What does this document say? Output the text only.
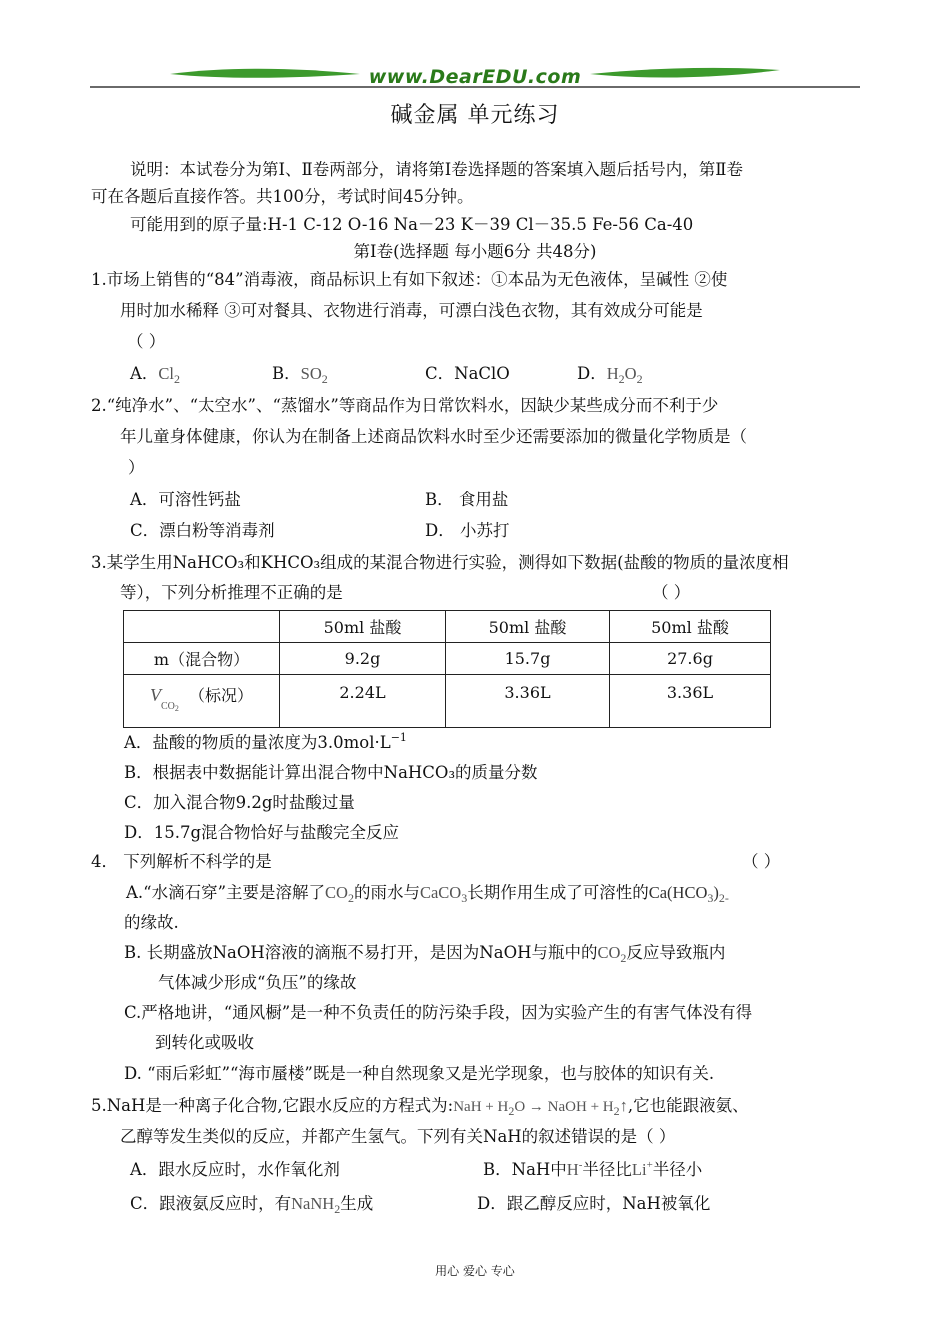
www.DearEDU.com
碱金属 单元练习
说明：本试卷分为第Ⅰ、Ⅱ卷两部分，请将第Ⅰ卷选择题的答案填入题后括号内，第Ⅱ卷
可在各题后直接作答。共100分，考试时间45分钟。
可能用到的原子量:H-1 C-12 O-16 Na－23 K－39 Cl－35.5 Fe-56 Ca-40
第Ⅰ卷(选择题 每小题6分 共48分)
1.市场上销售的“84”消毒液，商品标识上有如下叙述：①本品为无色液体，呈碱性 ②使
用时加水稀释 ③可对餐具、衣物进行消毒，可漂白浅色衣物，其有效成分可能是
（ ）
A．$Cl_2$	B．$SO_2$	C．NaClO	D．$H_2O_2$
2.“纯净水”、“太空水”、“蒸馏水”等商品作为日常饮料水，因缺少某些成分而不利于少
年儿童身体健康，你认为在制备上述商品饮料水时至少还需要添加的微量化学物质是（
）
A．可溶性钙盐	B． 食用盐
C．漂白粉等消毒剂	D． 小苏打
3.某学生用NaHCO₃和KHCO₃组成的某混合物进行实验，测得如下数据(盐酸的物质的量浓度相
等），下列分析推理不正确的是	（ ）
	50ml 盐酸	50ml 盐酸	50ml 盐酸
m（混合物）	9.2g	15.7g	27.6g
$V_{CO2}$  （标况）	2.24L	3.36L	3.36L
A．盐酸的物质的量浓度为$3.0mol\cdot L^{-1}$
B．根据表中数据能计算出混合物中NaHCO₃的质量分数
C．加入混合物9.2g时盐酸过量
D．15.7g混合物恰好与盐酸完全反应
4． 下列解析不科学的是	（ ）
A.“水滴石穿”主要是溶解了$CO_2$的雨水与CaCO$_3$长期作用生成了可溶性的$Ca(HCO_3)_{2-}$
的缘故.
B. 长期盛放NaOH溶液的滴瓶不易打开，是因为NaOH与瓶中的$CO_2$反应导致瓶内
气体减少形成“负压”的缘故
C.严格地讲，“通风橱”是一种不负责任的防污染手段，因为实验产生的有害气体没有得
到转化或吸收
D. “雨后彩虹”“海市蜃楼”既是一种自然现象又是光学现象，也与胶体的知识有关.
5.NaH是一种离子化合物,它跟水反应的方程式为:NaH + $H_2O$ → NaOH + $H_2↑$,它也能跟液氨、
乙醇等发生类似的反应，并都产生氢气。下列有关NaH的叙述错误的是（ ）
A．跟水反应时，水作氧化剂	B．NaH中H-半径比Li+半径小
C．跟液氨反应时，有NaNH$_2$生成	D．跟乙醇反应时，NaH被氧化
用心 爱心 专心
